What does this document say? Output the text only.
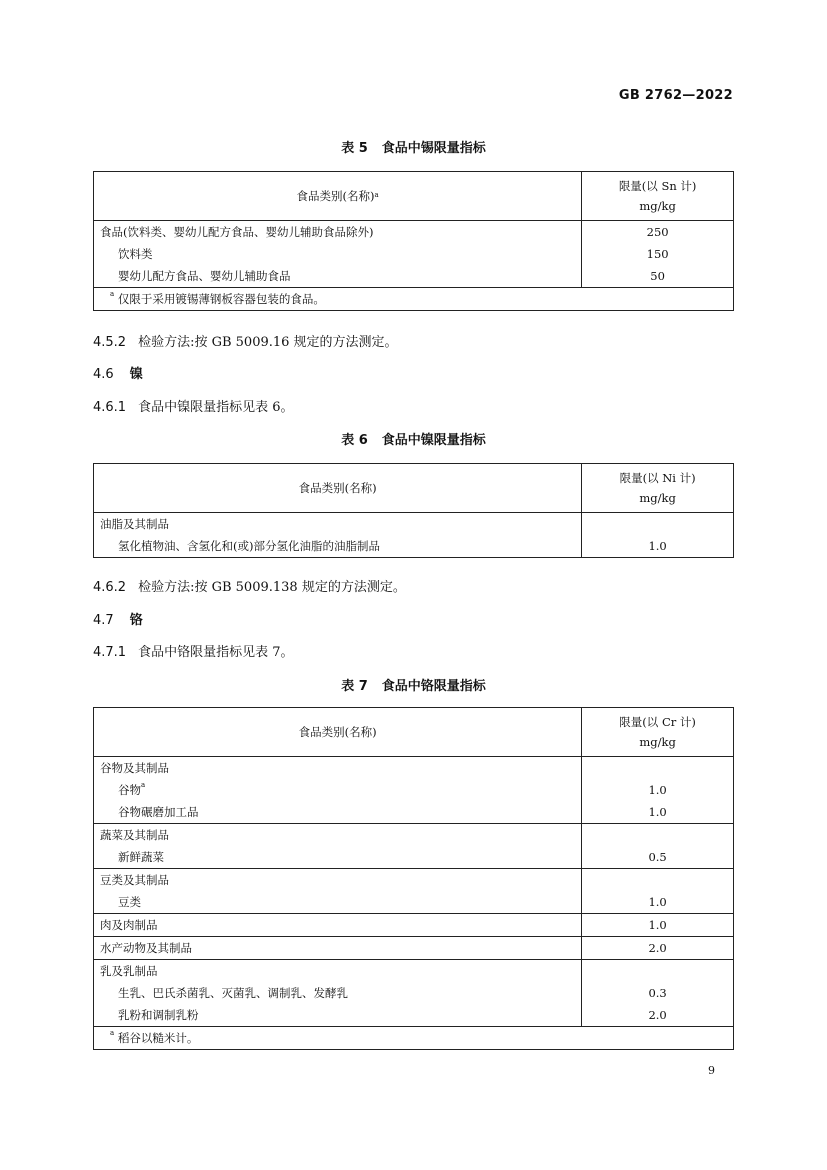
GB 2762—2022
表 5 食品中锡限量指标
食品类别(名称)$^a$	限量(以 Sn 计)
mg/kg
食品(饮料类、婴幼儿配方食品、婴幼儿辅助食品除外)	250
饮料类	150
婴幼儿配方食品、婴幼儿辅助食品	50
$^a$ 仅限于采用镀锡薄钢板容器包装的食品。	
4.5.2 检验方法:按 GB 5009.16 规定的方法测定。
4.6 镍
4.6.1 食品中镍限量指标见表 6。
表 6 食品中镍限量指标
食品类别(名称)	限量(以 Ni 计)
mg/kg
油脂及其制品	
氢化植物油、含氢化和(或)部分氢化油脂的油脂制品	1.0
4.6.2 检验方法:按 GB 5009.138 规定的方法测定。
4.7 铬
4.7.1 食品中铬限量指标见表 7。
表 7 食品中铬限量指标
食品类别(名称)	限量(以 Cr 计)
mg/kg
谷物及其制品	
谷物$^a$	1.0
谷物碾磨加工品	1.0
蔬菜及其制品	
新鲜蔬菜	0.5
豆类及其制品	
豆类	1.0
肉及肉制品	1.0
水产动物及其制品	2.0
乳及乳制品	
生乳、巴氏杀菌乳、灭菌乳、调制乳、发酵乳	0.3
乳粉和调制乳粉	2.0
$^a$ 稻谷以糙米计。	
9
